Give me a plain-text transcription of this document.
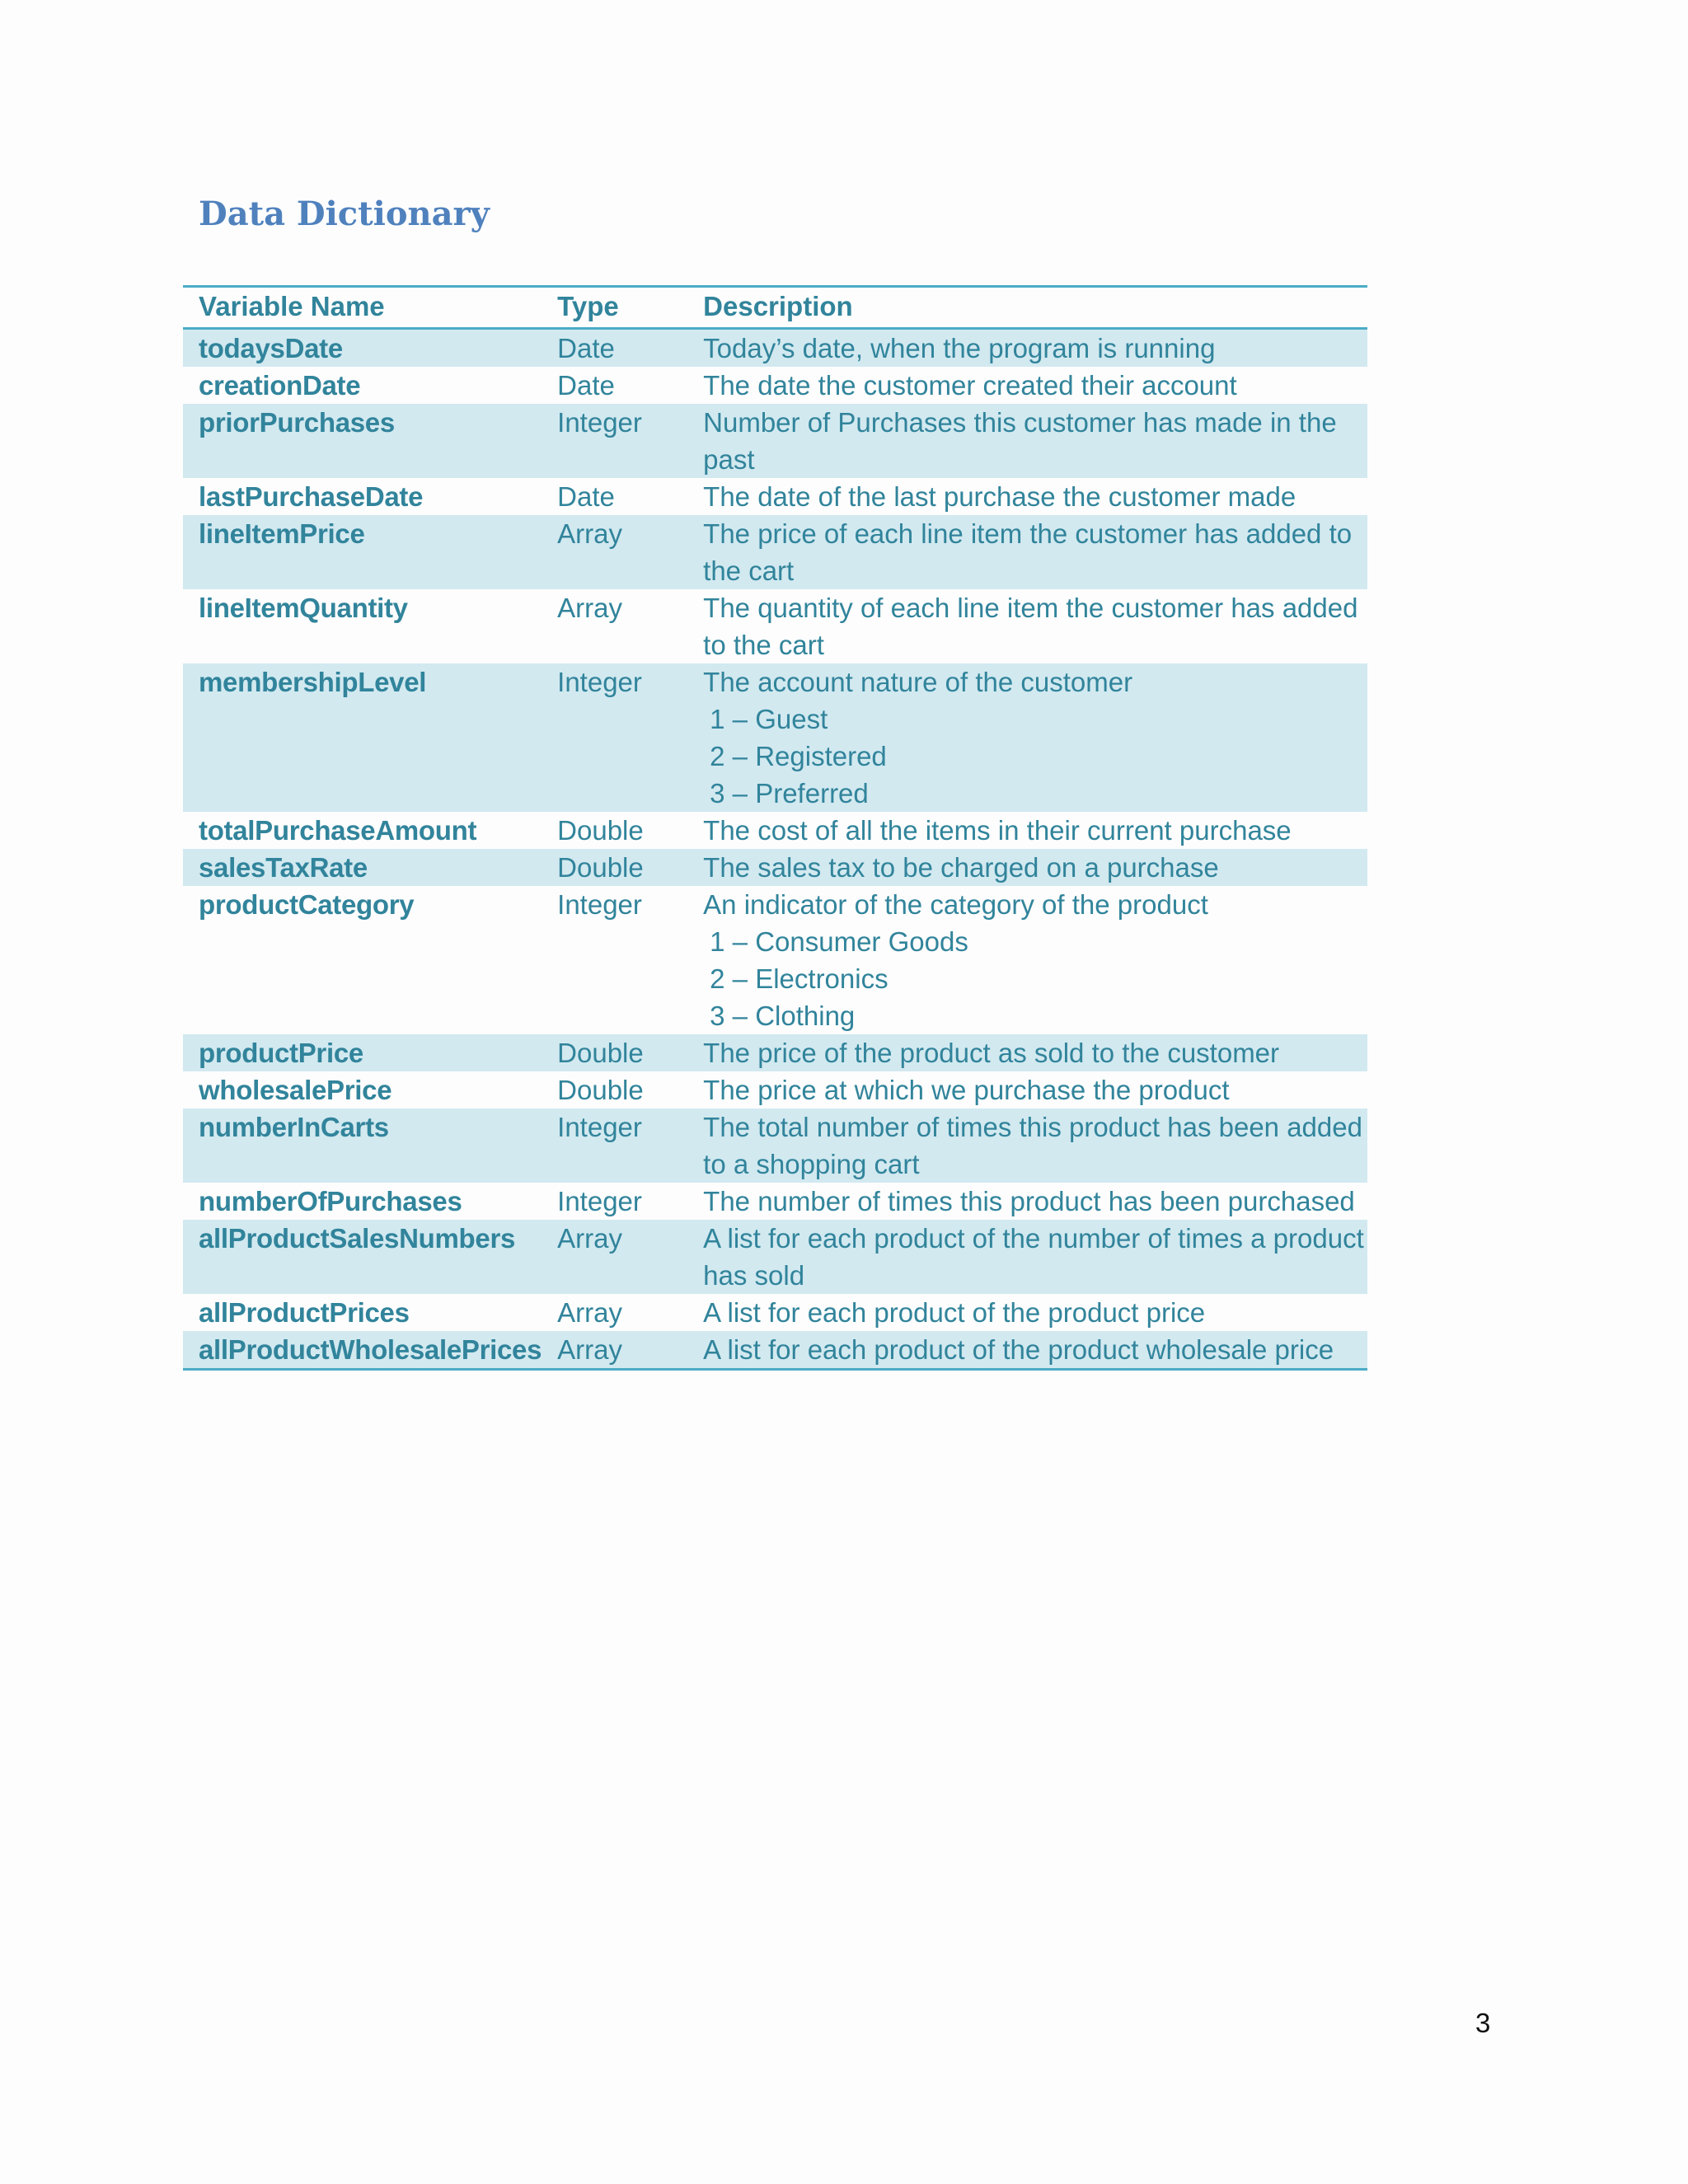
Data Dictionary
Variable Name	Type	Description
todaysDate	Date	Today’s date, when the program is running

creationDate	Date	The date the customer created their account

priorPurchases	Integer	Number of Purchases this customer has made in the past

lastPurchaseDate	Date	The date of the last purchase the customer made

lineItemPrice	Array	The price of each line item the customer has added to the cart

lineItemQuantity	Array	The quantity of each line item the customer has added to the cart

membershipLevel	Integer	The account nature of the customer
1 – Guest
2 – Registered
3 – Preferred

totalPurchaseAmount	Double	The cost of all the items in their current purchase

salesTaxRate	Double	The sales tax to be charged on a purchase

productCategory	Integer	An indicator of the category of the product
1 – Consumer Goods
2 – Electronics
3 – Clothing

productPrice	Double	The price of the product as sold to the customer

wholesalePrice	Double	The price at which we purchase the product

numberInCarts	Integer	The total number of times this product has been added to a shopping cart

numberOfPurchases	Integer	The number of times this product has been purchased

allProductSalesNumbers	Array	A list for each product of the number of times a product has sold

allProductPrices	Array	A list for each product of the product price

allProductWholesalePrices	Array	A list for each product of the product wholesale price
3
